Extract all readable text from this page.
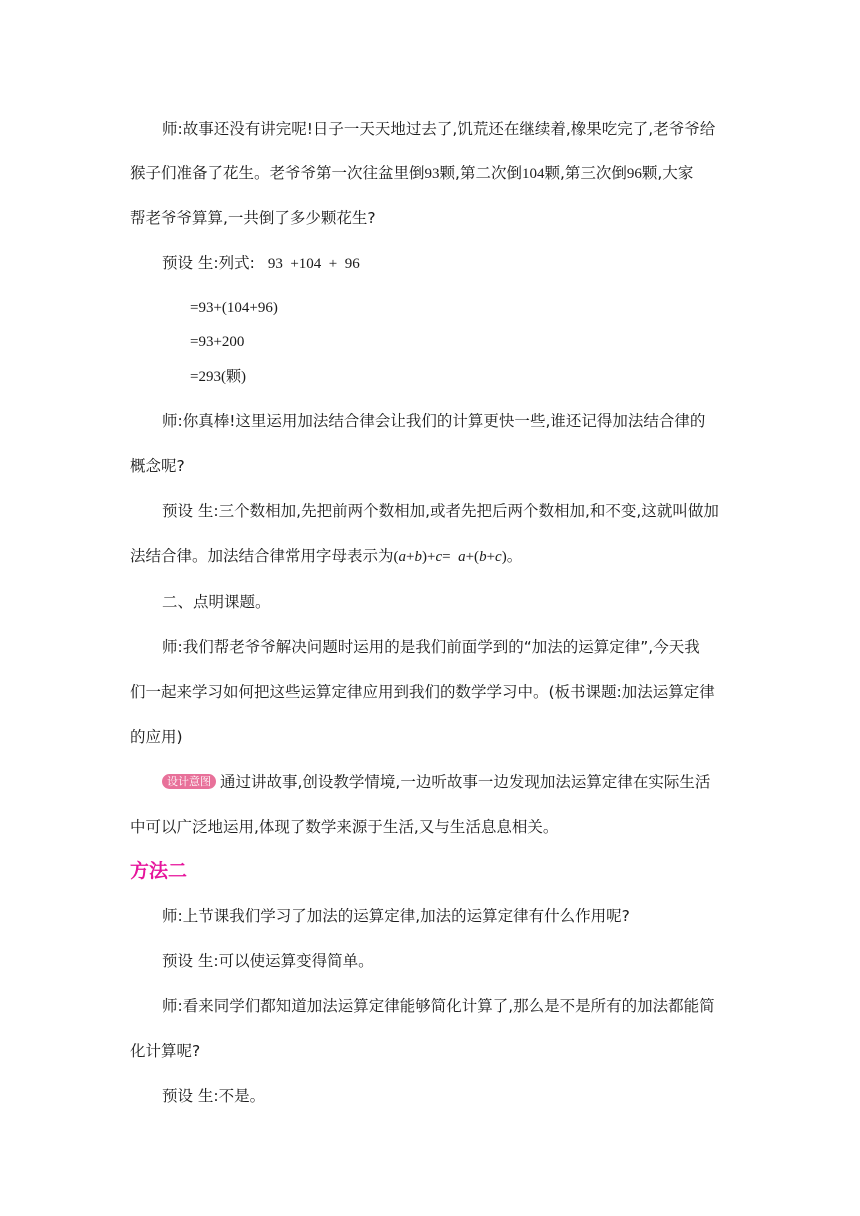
师:故事还没有讲完呢!日子一天天地过去了,饥荒还在继续着,橡果吃完了,老爷爷给

猴子们准备了花生。老爷爷第一次往盆里倒93颗,第二次倒104颗,第三次倒96颗,大家

帮老爷爷算算,一共倒了多少颗花生?

预设 生:列式: 93  +104  +  96

=93+(104+96)

=93+200

=293(颗)

师:你真棒!这里运用加法结合律会让我们的计算更快一些,谁还记得加法结合律的

概念呢?

预设 生:三个数相加,先把前两个数相加,或者先把后两个数相加,和不变,这就叫做加

法结合律。加法结合律常用字母表示为(a+b)+c=  a+(b+c)。

二、点明课题。

师:我们帮老爷爷解决问题时运用的是我们前面学到的“加法的运算定律”,今天我

们一起来学习如何把这些运算定律应用到我们的数学学习中。(板书课题:加法运算定律

的应用)

设计意图 通过讲故事,创设教学情境,一边听故事一边发现加法运算定律在实际生活

中可以广泛地运用,体现了数学来源于生活,又与生活息息相关。

方法二

师:上节课我们学习了加法的运算定律,加法的运算定律有什么作用呢?

预设 生:可以使运算变得简单。

师:看来同学们都知道加法运算定律能够简化计算了,那么是不是所有的加法都能简

化计算呢?

预设 生:不是。
